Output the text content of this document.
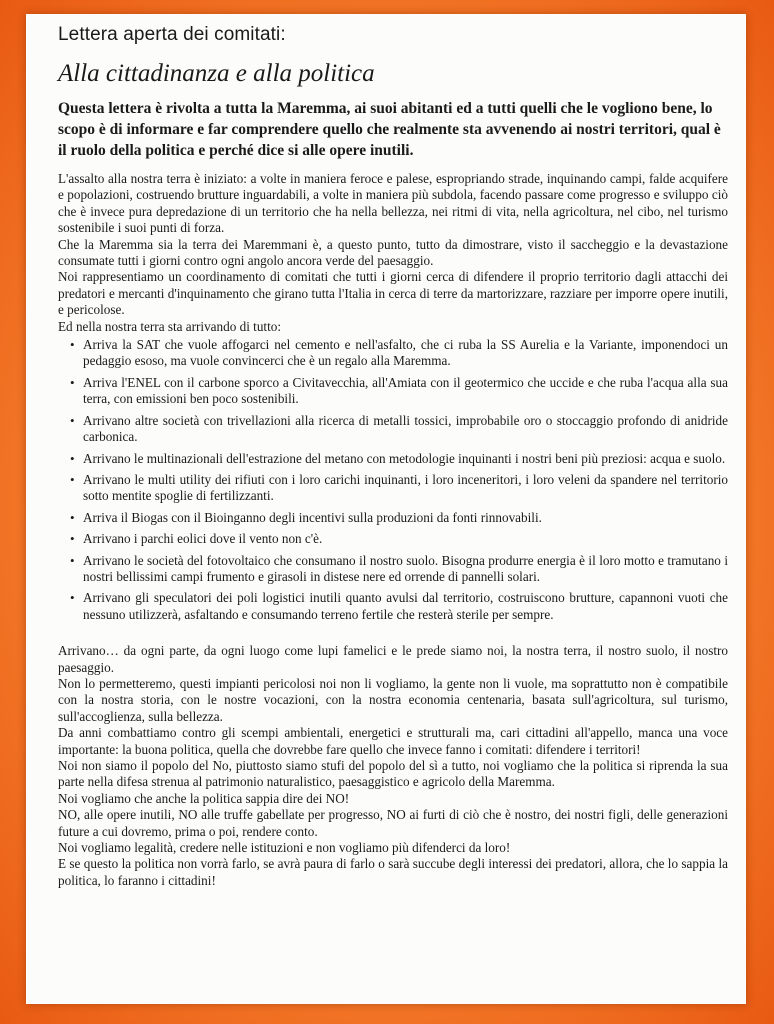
Lettera aperta dei comitati:
Alla cittadinanza e alla politica

Questa lettera è rivolta a tutta la Maremma, ai suoi abitanti ed a tutti quelli che le vogliono bene, lo scopo è di informare e far comprendere quello che realmente sta avvenendo ai nostri territori, qual è il ruolo della politica e perché dice si alle opere inutili.

L'assalto alla nostra terra è iniziato: a volte in maniera feroce e palese, espropriando strade, inquinando campi, falde acquifere e popolazioni, costruendo brutture inguardabili, a volte in maniera più subdola, facendo passare come progresso e sviluppo ciò che è invece pura depredazione di un territorio che ha nella bellezza, nei ritmi di vita, nella agricoltura, nel cibo, nel turismo sostenibile i suoi punti di forza.

Che la Maremma sia la terra dei Maremmani è, a questo punto, tutto da dimostrare, visto il saccheggio e la devastazione consumate tutti i giorni contro ogni angolo ancora verde del paesaggio.

Noi rappresentiamo un coordinamento di comitati che tutti i giorni cerca di difendere il proprio territorio dagli attacchi dei predatori e mercanti d'inquinamento che girano tutta l'Italia in cerca di terre da martorizzare, razziare per imporre opere inutili, e pericolose.

Ed nella nostra terra sta arrivando di tutto:

• Arriva la SAT che vuole affogarci nel cemento e nell'asfalto, che ci ruba la SS Aurelia e la Variante, imponendoci un pedaggio esoso, ma vuole convincerci che è un regalo alla Maremma.
• Arriva l'ENEL con il carbone sporco a Civitavecchia, all'Amiata con il geotermico che uccide e che ruba l'acqua alla sua terra, con emissioni ben poco sostenibili.
• Arrivano altre società con trivellazioni alla ricerca di metalli tossici, improbabile oro o stoccaggio profondo di anidride carbonica.
• Arrivano le multinazionali dell'estrazione del metano con metodologie inquinanti i nostri beni più preziosi: acqua e suolo.
• Arrivano le multi utility dei rifiuti con i loro carichi inquinanti, i loro inceneritori, i loro veleni da spandere nel territorio sotto mentite spoglie di fertilizzanti.
• Arriva il Biogas con il Bioinganno degli incentivi sulla produzioni da fonti rinnovabili.
• Arrivano i parchi eolici dove il vento non c'è.
• Arrivano le società del fotovoltaico che consumano il nostro suolo. Bisogna produrre energia è il loro motto e tramutano i nostri bellissimi campi frumento e girasoli in distese nere ed orrende di pannelli solari.
• Arrivano gli speculatori dei poli logistici inutili quanto avulsi dal territorio, costruiscono brutture, capannoni vuoti che nessuno utilizzerà, asfaltando e consumando terreno fertile che resterà sterile per sempre.

Arrivano… da ogni parte, da ogni luogo come lupi famelici e le prede siamo noi, la nostra terra, il nostro suolo, il nostro paesaggio.

Non lo permetteremo, questi impianti pericolosi noi non li vogliamo, la gente non li vuole, ma soprattutto non è compatibile con la nostra storia, con le nostre vocazioni, con la nostra economia centenaria, basata sull'agricoltura, sul turismo, sull'accoglienza, sulla bellezza.

Da anni combattiamo contro gli scempi ambientali, energetici e strutturali ma, cari cittadini all'appello, manca una voce importante: la buona politica, quella che dovrebbe fare quello che invece fanno i comitati: difendere i territori!

Noi non siamo il popolo del No, piuttosto siamo stufi del popolo del sì a tutto, noi vogliamo che la politica si riprenda la sua parte nella difesa strenua al patrimonio naturalistico, paesaggistico e agricolo della Maremma.

Noi vogliamo che anche la politica sappia dire dei NO!

NO, alle opere inutili, NO alle truffe gabellate per progresso, NO ai furti di ciò che è nostro, dei nostri figli, delle generazioni future a cui dovremo, prima o poi, rendere conto.

Noi vogliamo legalità, credere nelle istituzioni e non vogliamo più difenderci da loro!

E se questo la politica non vorrà farlo, se avrà paura di farlo o sarà succube degli interessi dei predatori, allora, che lo sappia la politica, lo faranno i cittadini!
